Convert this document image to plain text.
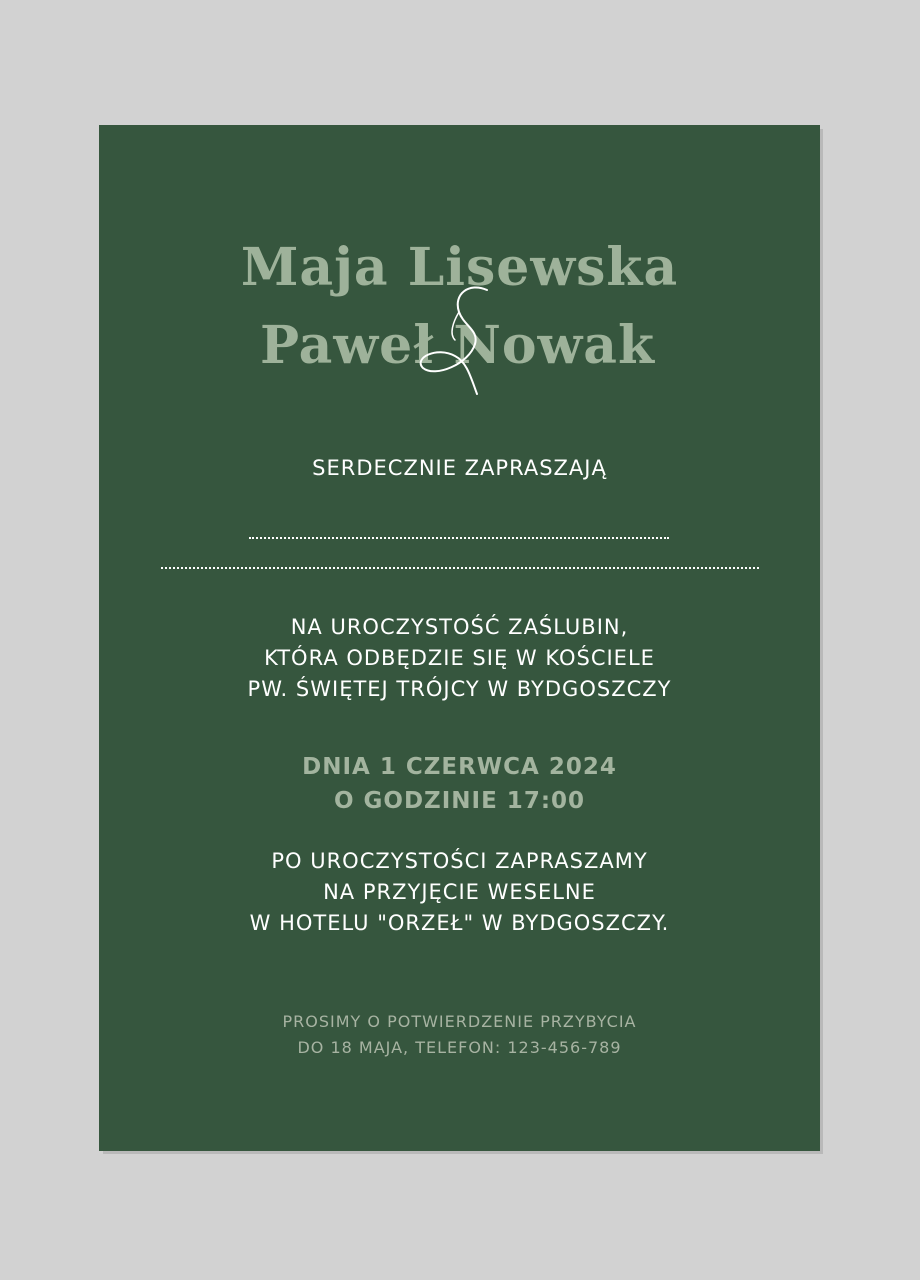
Maja Lisewska
Paweł Nowak
SERDECZNIE ZAPRASZAJĄ
NA UROCZYSTOŚĆ ZAŚLUBIN,
KTÓRA ODBĘDZIE SIĘ W KOŚCIELE
PW. ŚWIĘTEJ TRÓJCY W BYDGOSZCZY
DNIA 1 CZERWCA 2024
O GODZINIE 17:00
PO UROCZYSTOŚCI ZAPRASZAMY
NA PRZYJĘCIE WESELNE
W HOTELU "ORZEŁ" W BYDGOSZCZY.
PROSIMY O POTWIERDZENIE PRZYBYCIA
DO 18 MAJA, TELEFON: 123-456-789
